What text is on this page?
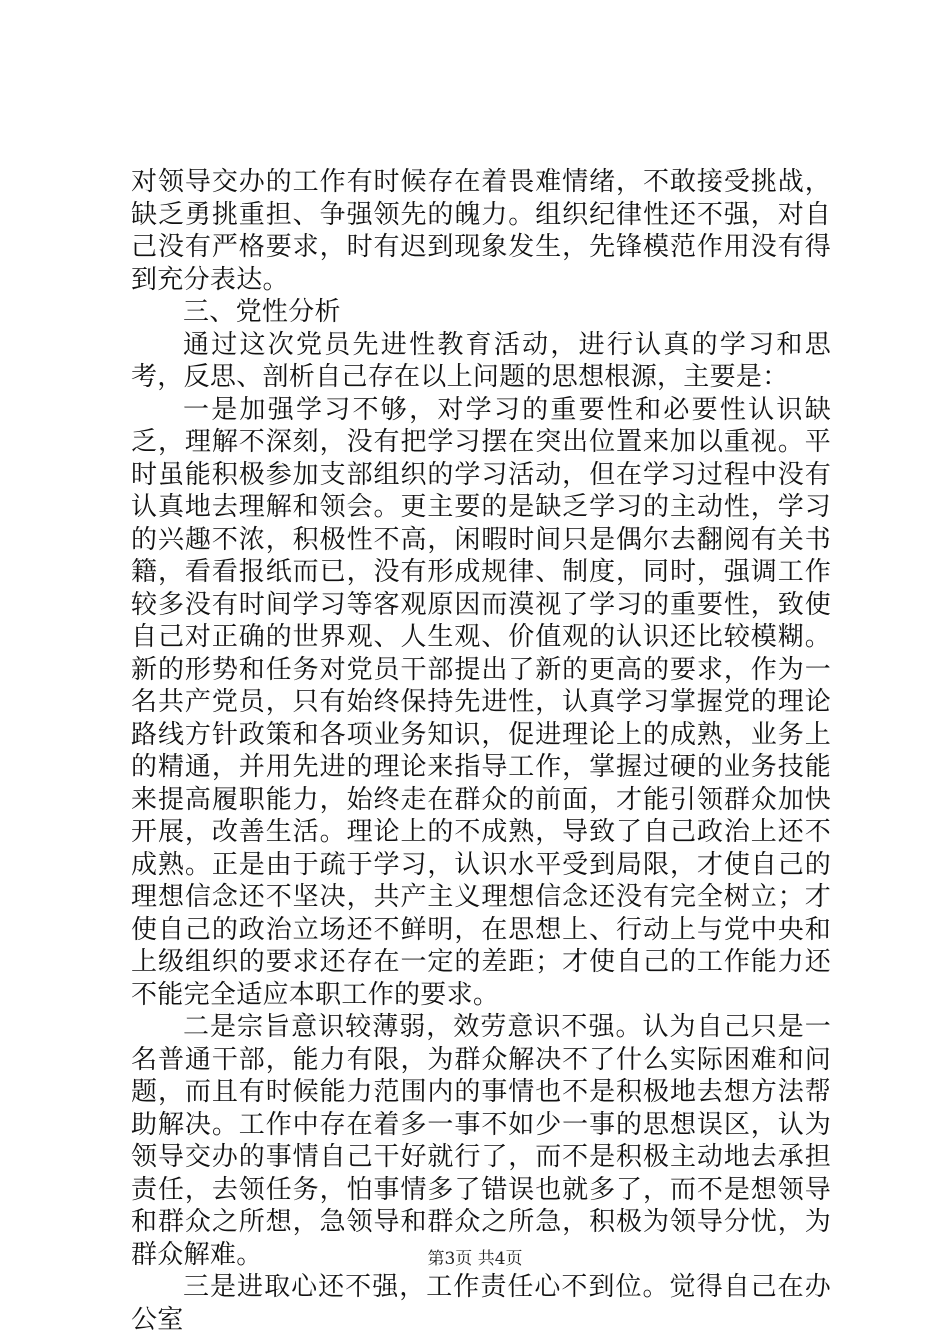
对领导交办的工作有时候存在着畏难情绪，不敢接受挑战，缺乏勇挑重担、争强领先的魄力。组织纪律性还不强，对自己没有严格要求，时有迟到现象发生，先锋模范作用没有得到充分表达。

三、党性分析

通过这次党员先进性教育活动，进行认真的学习和思考，反思、剖析自己存在以上问题的思想根源，主要是：

一是加强学习不够，对学习的重要性和必要性认识缺乏，理解不深刻，没有把学习摆在突出位置来加以重视。平时虽能积极参加支部组织的学习活动，但在学习过程中没有认真地去理解和领会。更主要的是缺乏学习的主动性，学习的兴趣不浓，积极性不高，闲暇时间只是偶尔去翻阅有关书籍，看看报纸而已，没有形成规律、制度，同时，强调工作较多没有时间学习等客观原因而漠视了学习的重要性，致使自己对正确的世界观、人生观、价值观的认识还比较模糊。新的形势和任务对党员干部提出了新的更高的要求，作为一名共产党员，只有始终保持先进性，认真学习掌握党的理论路线方针政策和各项业务知识，促进理论上的成熟，业务上的精通，并用先进的理论来指导工作，掌握过硬的业务技能来提高履职能力，始终走在群众的前面，才能引领群众加快开展，改善生活。理论上的不成熟，导致了自己政治上还不成熟。正是由于疏于学习，认识水平受到局限，才使自己的理想信念还不坚决，共产主义理想信念还没有完全树立；才使自己的政治立场还不鲜明，在思想上、行动上与党中央和上级组织的要求还存在一定的差距；才使自己的工作能力还不能完全适应本职工作的要求。

二是宗旨意识较薄弱，效劳意识不强。认为自己只是一名普通干部，能力有限，为群众解决不了什么实际困难和问题，而且有时候能力范围内的事情也不是积极地去想方法帮助解决。工作中存在着多一事不如少一事的思想误区，认为领导交办的事情自己干好就行了，而不是积极主动地去承担责任，去领任务，怕事情多了错误也就多了，而不是想领导和群众之所想，急领导和群众之所急，积极为领导分忧，为群众解难。

三是进取心还不强，工作责任心不到位。觉得自己在办公室

第3页 共4页
